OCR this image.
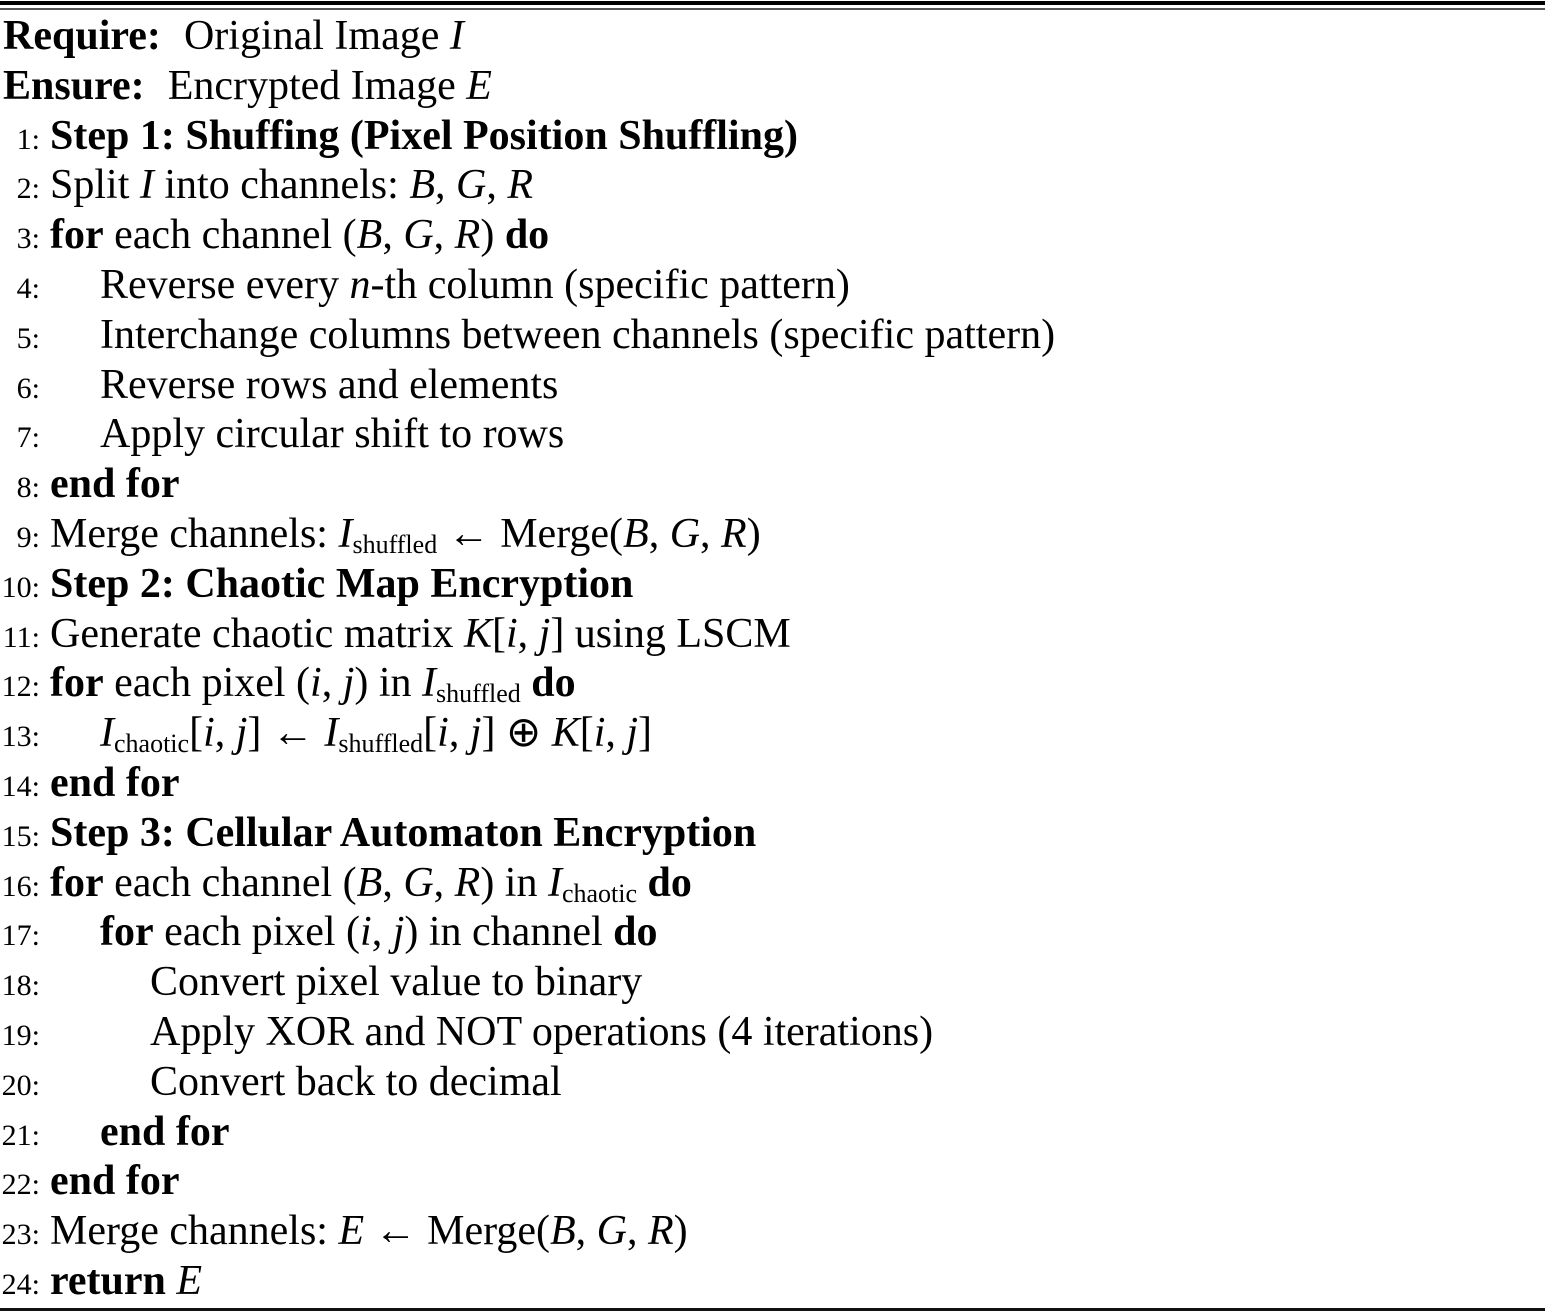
Require: Original Image I
Ensure: Encrypted Image E
1: Step 1: Shuffing (Pixel Position Shuffling)
2: Split I into channels: B, G, R
3: for each channel (B, G, R) do
4: Reverse every n-th column (specific pattern)
5: Interchange columns between channels (specific pattern)
6: Reverse rows and elements
7: Apply circular shift to rows
8: end for
9: Merge channels: $I_{shuffled}$ ← Merge(B, G, R)
10: Step 2: Chaotic Map Encryption
11: Generate chaotic matrix K[i, j] using LSCM
12: for each pixel (i, j) in $I_{shuffled}$ do
13: $I_{chaotic}[i$, j] ← $I_{shuffled}[i$, j] ⊕ K[i, j]
14: end for
15: Step 3: Cellular Automaton Encryption
16: for each channel (B, G, R) in $I_{chaotic}$ do
17: for each pixel (i, j) in channel do
18:	Convert pixel value to binary
19:	Apply XOR and NOT operations (4 iterations)
20:	Convert back to decimal
21: end for
22: end for
23: Merge channels: E ← Merge(B, G, R)
24: return E
